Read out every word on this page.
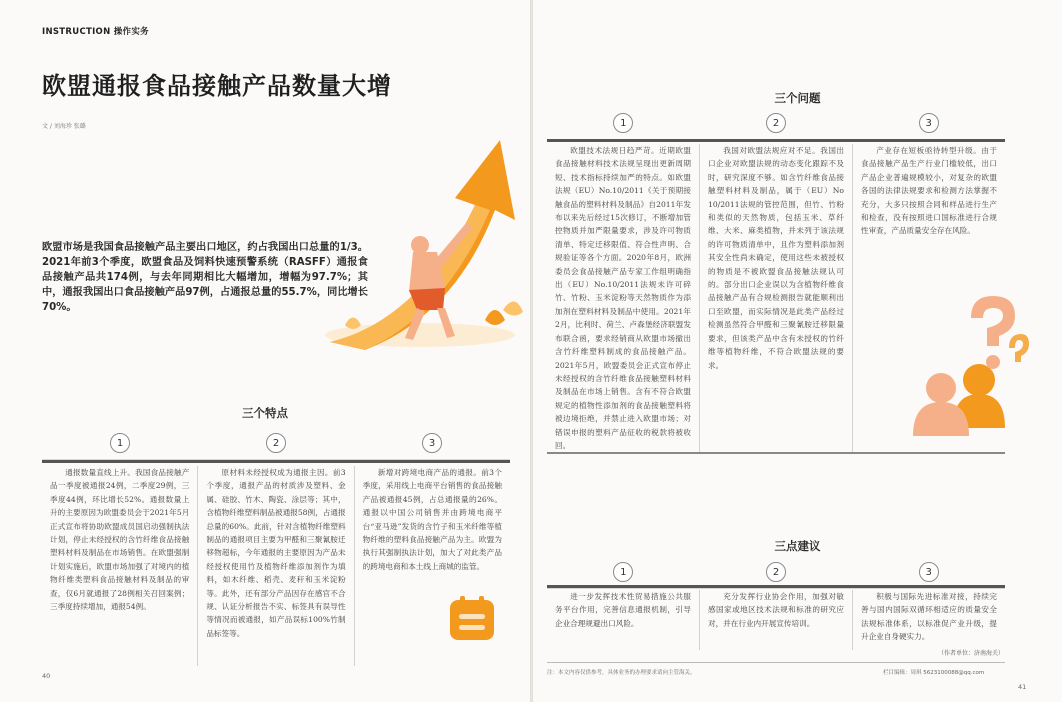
INSTRUCTION 操作实务
欧盟通报食品接触产品数量大增
文 / 刘海珍 张璐
欧盟市场是我国食品接触产品主要出口地区，约占我国出口总量的1/3。2021年前3个季度，欧盟食品及饲料快速预警系统（RASFF）通报食品接触产品共174例，与去年同期相比大幅增加，增幅为97.7%；其中，通报我国出口食品接触产品97例，占通报总量的55.7%，同比增长70%。
三个特点
1	2	3

通报数量直线上升。我国食品接触产品一季度被通报24例，二季度29例，三季度44例，环比增长52%。通报数量上升的主要原因为欧盟委员会于2021年5月正式宣布将协助欧盟成员国启动强制执法计划，停止未经授权的含竹纤维食品接触塑料材料及制品在市场销售。在欧盟强制计划实施后，欧盟市场加强了对境内的植物纤维类塑料食品接触材料及制品的审查，仅6月就通报了28例相关召回案例；三季度持续增加，通报54例。

原材料未经授权成为通报主因。前3个季度，通报产品的材质涉及塑料、金属、硅胶、竹木、陶瓷、涂层等；其中，含植物纤维塑料制品被通报58例，占通报总量的60%。此前，针对含植物纤维塑料制品的通报项目主要为甲醛和三聚氰胺迁移物超标，今年通报的主要原因为产品未经授权使用竹及植物纤维添加剂作为填料，如木纤维、稻壳、麦秆和玉米淀粉等。此外，还有部分产品因存在感官不合规、认证分析报告不实、标签具有误导性等情况而被通报，如产品误标100%竹制品标签等。

新增对跨境电商产品的通报。前3个季度，采用线上电商平台销售的食品接触产品被通报45例，占总通报量的26%。通报以中国公司销售并由跨境电商平台“亚马逊”发货的含竹子和玉米纤维等植物纤维的塑料食品接触产品为主。欧盟为执行其强制执法计划，加大了对此类产品的跨境电商和本土线上商城的监管。

40
三个问题
1	2	3

欧盟技术法规日趋严苛。近期欧盟食品接触材料技术法规呈现出更新周期短、技术指标持续加严的特点。如欧盟法规（EU）No.10/2011《关于预期接触食品的塑料材料及制品》自2011年发布以来先后经过15次修订，不断增加管控物质并加严限量要求，涉及许可物质清单、特定迁移限值、符合性声明、合规验证等各个方面。2020年8月，欧洲委员会食品接触产品专家工作组明确指出（EU）No.10/2011法规未许可碎竹、竹粉、玉米淀粉等天然物质作为添加剂在塑料材料及制品中使用。2021年2月，比利时、荷兰、卢森堡经济联盟发布联合函，要求经销商从欧盟市场撤出含竹纤维塑料制成的食品接触产品。2021年5月，欧盟委员会正式宣布停止未经授权的含竹纤维食品接触塑料材料及制品在市场上销售。含有不符合欧盟规定的植物性添加剂的食品接触塑料将被边境拒绝，并禁止进入欧盟市场；对错误申报的塑料产品征收的税款将被收回。

我国对欧盟法规应对不足。我国出口企业对欧盟法规的动态变化跟踪不及时，研究深度不够。如含竹纤维食品接触塑料材料及制品，属于（EU）No 10/2011法规的管控范围，但竹、竹粉和类似的天然物质，包括玉米、草纤维、大米、麻类植物，并未列于该法规的许可物质清单中，且作为塑料添加剂其安全性尚未确定，使用这些未被授权的物质是不被欧盟食品接触法规认可的。部分出口企业误以为含植物纤维食品接触产品有合规检测报告就能顺利出口至欧盟，而实际情况是此类产品经过检测虽然符合甲醛和三聚氰胺迁移限量要求，但该类产品中含有未授权的竹纤维等植物纤维，不符合欧盟法规的要求。

产业存在短板亟待转型升级。由于食品接触产品生产行业门槛较低，出口产品企业普遍规模较小，对复杂的欧盟各国的法律法规要求和检测方法掌握不充分，大多只按照合同和样品进行生产和检查，没有按照进口国标准进行合规性审查，产品质量安全存在风险。

三点建议
1	2	3

进一步发挥技术性贸易措施公共服务平台作用，完善信息通报机制，引导企业合理规避出口风险。

充分发挥行业协会作用，加强对敏感国家或地区技术法规和标准的研究应对，并在行业内开展宣传培训。

积极与国际先进标准对接，持续完善与国内国际双循环相适应的质量安全法规标准体系，以标准促产业升级，提升企业自身硬实力。

（作者单位：济南海关）
注：本文内容仅供参考，具体业务的办理要求请向主管海关。	栏目编辑：周琪 5623100088@qq.com
41
